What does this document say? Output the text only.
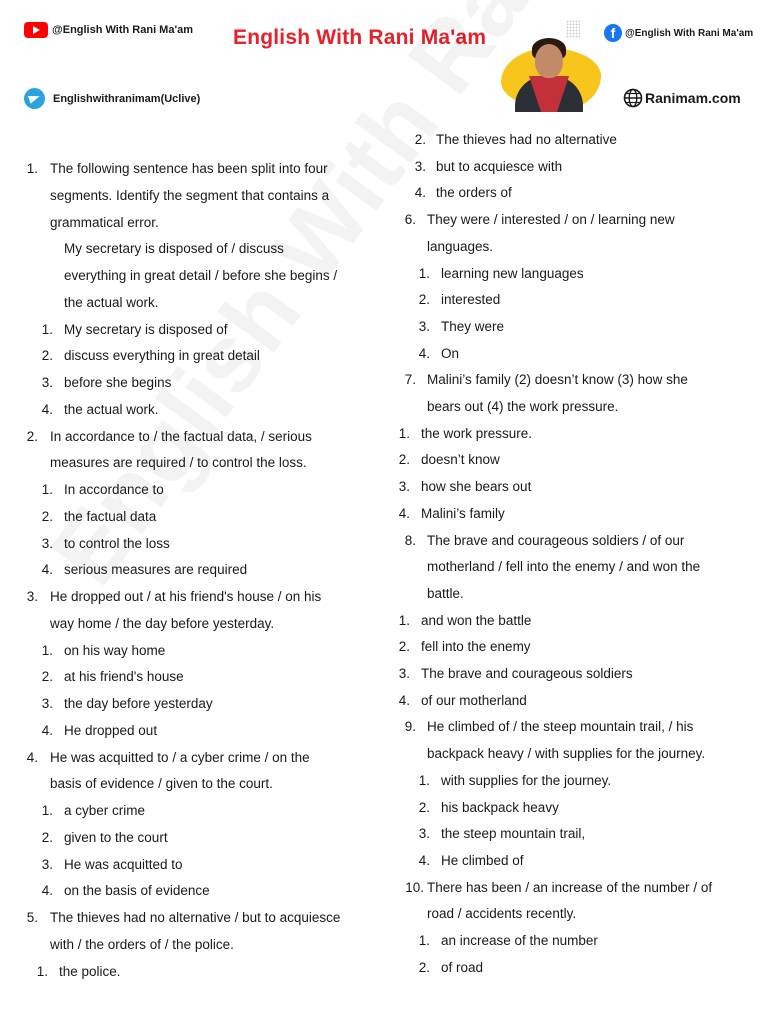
@English With Rani Ma'am English With Rani Ma'am	f @English With Rani Ma'am
Englishwithranimam(Uclive)	Ranimam.com
1. The following sentence has been split into four
segments. Identify the segment that contains a
grammatical error.
My secretary is disposed of / discuss
everything in great detail / before she begins /
the actual work.
1. My secretary is disposed of
2. discuss everything in great detail
3. before she begins
4. the actual work.
2. In accordance to / the factual data, / serious
measures are required / to control the loss.
1. In accordance to
2. the factual data
3. to control the loss
4. serious measures are required
3. He dropped out / at his friend's house / on his
way home / the day before yesterday.
1. on his way home
2. at his friend's house
3. the day before yesterday
4. He dropped out
4. He was acquitted to / a cyber crime / on the
basis of evidence / given to the court.
1. a cyber crime
2. given to the court
3. He was acquitted to
4. on the basis of evidence
5. The thieves had no alternative / but to acquiesce
with / the orders of / the police.
1. the police.
2. The thieves had no alternative
3. but to acquiesce with
4. the orders of
6. They were / interested / on / learning new
languages.
1. learning new languages
2. interested
3. They were
4. On
7. Malini’s family (2) doesn’t know (3) how she
bears out (4) the work pressure.
1. the work pressure.
2. doesn’t know
3. how she bears out
4. Malini’s family
8. The brave and courageous soldiers / of our
motherland / fell into the enemy / and won the
battle.
1. and won the battle
2. fell into the enemy
3. The brave and courageous soldiers
4. of our motherland
9. He climbed of / the steep mountain trail, / his
backpack heavy / with supplies for the journey.
1. with supplies for the journey.
2. his backpack heavy
3. the steep mountain trail,
4. He climbed of
10. There has been / an increase of the number / of
road / accidents recently.
1. an increase of the number
2. of road
